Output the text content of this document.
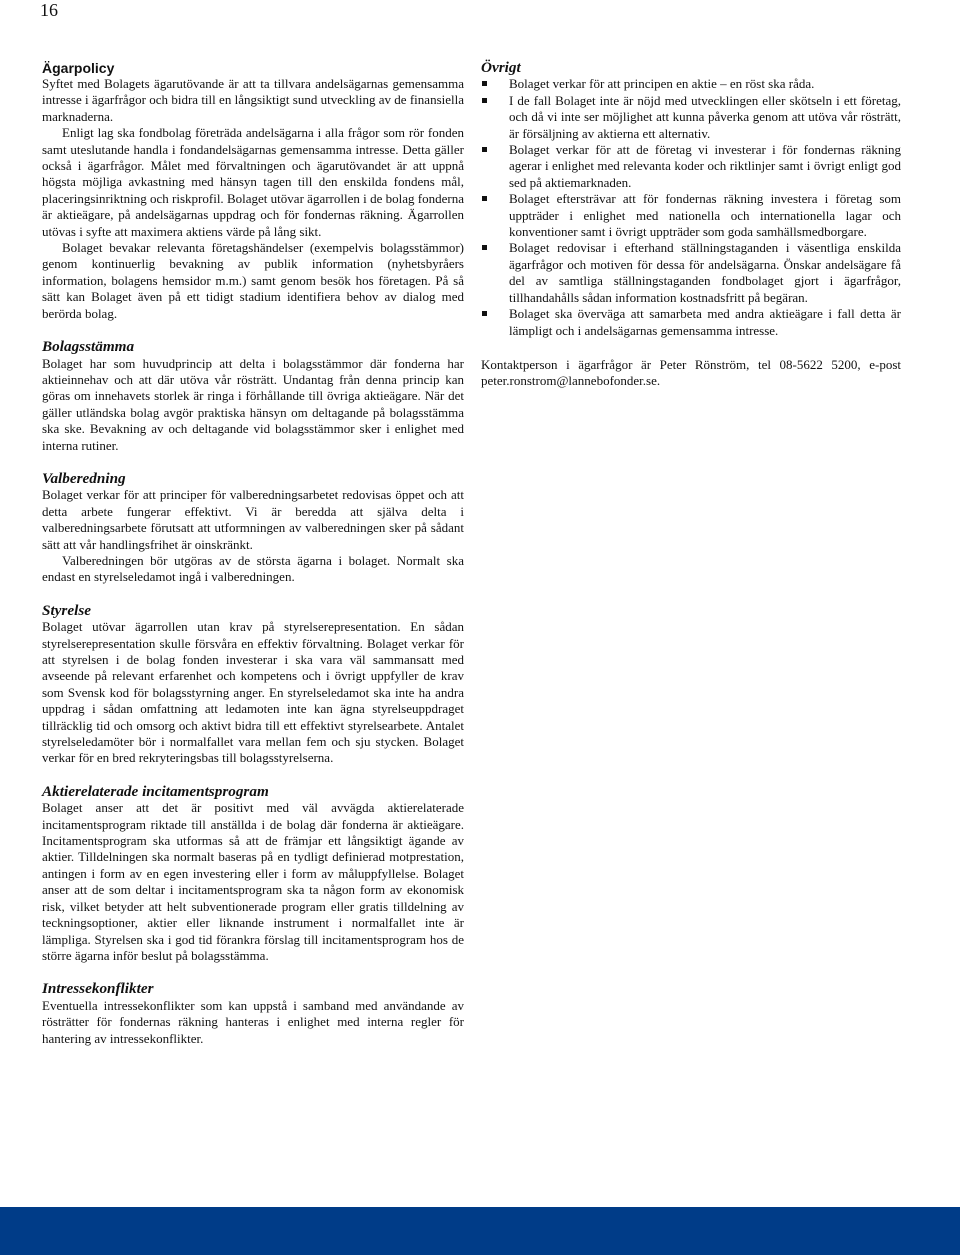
16
Ägarpolicy

Syftet med Bolagets ägarutövande är att ta tillvara andelsägarnas gemensamma intresse i ägarfrågor och bidra till en långsiktigt sund utveckling av de finansiella marknaderna.

Enligt lag ska fondbolag företräda andelsägarna i alla frågor som rör fonden samt uteslutande handla i fondandelsägarnas gemensamma intresse. Detta gäller också i ägarfrågor. Målet med förvaltningen och ägarutövandet är att uppnå högsta möjliga avkastning med hänsyn tagen till den enskilda fondens mål, placeringsinriktning och riskprofil. Bolaget utövar ägarrollen i de bolag fonderna är aktieägare, på andelsägarnas uppdrag och för fondernas räkning. Ägarrollen utövas i syfte att maximera aktiens värde på lång sikt.

Bolaget bevakar relevanta företagshändelser (exempelvis bolagsstämmor) genom kontinuerlig bevakning av publik information (nyhetsbyråers information, bolagens hemsidor m.m.) samt genom besök hos företagen. På så sätt kan Bolaget även på ett tidigt stadium identifiera behov av dialog med berörda bolag.

Bolagsstämma

Bolaget har som huvudprincip att delta i bolagsstämmor där fonderna har aktieinnehav och att där utöva vår rösträtt. Undantag från denna princip kan göras om innehavets storlek är ringa i förhållande till övriga aktieägare. När det gäller utländska bolag avgör praktiska hänsyn om deltagande på bolagsstämma ska ske. Bevakning av och deltagande vid bolagsstämmor sker i enlighet med interna rutiner.

Valberedning

Bolaget verkar för att principer för valberedningsarbetet redovisas öppet och att detta arbete fungerar effektivt. Vi är beredda att själva delta i valberedningsarbete förutsatt att utformningen av valberedningen sker på sådant sätt att vår handlingsfrihet är oinskränkt.

Valberedningen bör utgöras av de största ägarna i bolaget. Normalt ska endast en styrelseledamot ingå i valberedningen.

Styrelse

Bolaget utövar ägarrollen utan krav på styrelserepresentation. En sådan styrelserepresentation skulle försvåra en effektiv förvaltning. Bolaget verkar för att styrelsen i de bolag fonden investerar i ska vara väl sammansatt med avseende på relevant erfarenhet och kompetens och i övrigt uppfyller de krav som Svensk kod för bolagsstyrning anger. En styrelseledamot ska inte ha andra uppdrag i sådan omfattning att ledamoten inte kan ägna styrelseuppdraget tillräcklig tid och omsorg och aktivt bidra till ett effektivt styrelsearbete. Antalet styrelseledamöter bör i normalfallet vara mellan fem och sju stycken. Bolaget verkar för en bred rekryteringsbas till bolagsstyrelserna.

Aktierelaterade incitamentsprogram

Bolaget anser att det är positivt med väl avvägda aktierelaterade incitamentsprogram riktade till anställda i de bolag där fonderna är aktieägare. Incitamentsprogram ska utformas så att de främjar ett långsiktigt ägande av aktier. Tilldelningen ska normalt baseras på en tydligt definierad motprestation, antingen i form av en egen investering eller i form av måluppfyllelse. Bolaget anser att de som deltar i incitamentsprogram ska ta någon form av ekonomisk risk, vilket betyder att helt subventionerade program eller gratis tilldelning av teckningsoptioner, aktier eller liknande instrument i normalfallet inte är lämpliga. Styrelsen ska i god tid förankra förslag till incitamentsprogram hos de större ägarna inför beslut på bolagsstämma.

Intressekonflikter

Eventuella intressekonflikter som kan uppstå i samband med användande av rösträtter för fondernas räkning hanteras i enlighet med interna regler för hantering av intressekonflikter.

Övrigt
Bolaget verkar för att principen en aktie – en röst ska råda.
I de fall Bolaget inte är nöjd med utvecklingen eller skötseln i ett företag, och då vi inte ser möjlighet att kunna påverka genom att utöva vår rösträtt, är försäljning av aktierna ett alternativ.
Bolaget verkar för att de företag vi investerar i för fondernas räkning agerar i enlighet med relevanta koder och riktlinjer samt i övrigt enligt god sed på aktiemarknaden.
Bolaget eftersträvar att för fondernas räkning investera i företag som uppträder i enlighet med nationella och internationella lagar och konventioner samt i övrigt uppträder som goda samhällsmedborgare.
Bolaget redovisar i efterhand ställningstaganden i väsentliga enskilda ägarfrågor och motiven för dessa för andelsägarna. Önskar andelsägare få del av samtliga ställningstaganden fondbolaget gjort i ägarfrågor, tillhandahålls sådan information kostnadsfritt på begäran.
Bolaget ska överväga att samarbeta med andra aktieägare i fall detta är lämpligt och i andelsägarnas gemensamma intresse.

Kontaktperson i ägarfrågor är Peter Rönström, tel 08-5622 5200, e-post peter.ronstrom@lannebofonder.se.
